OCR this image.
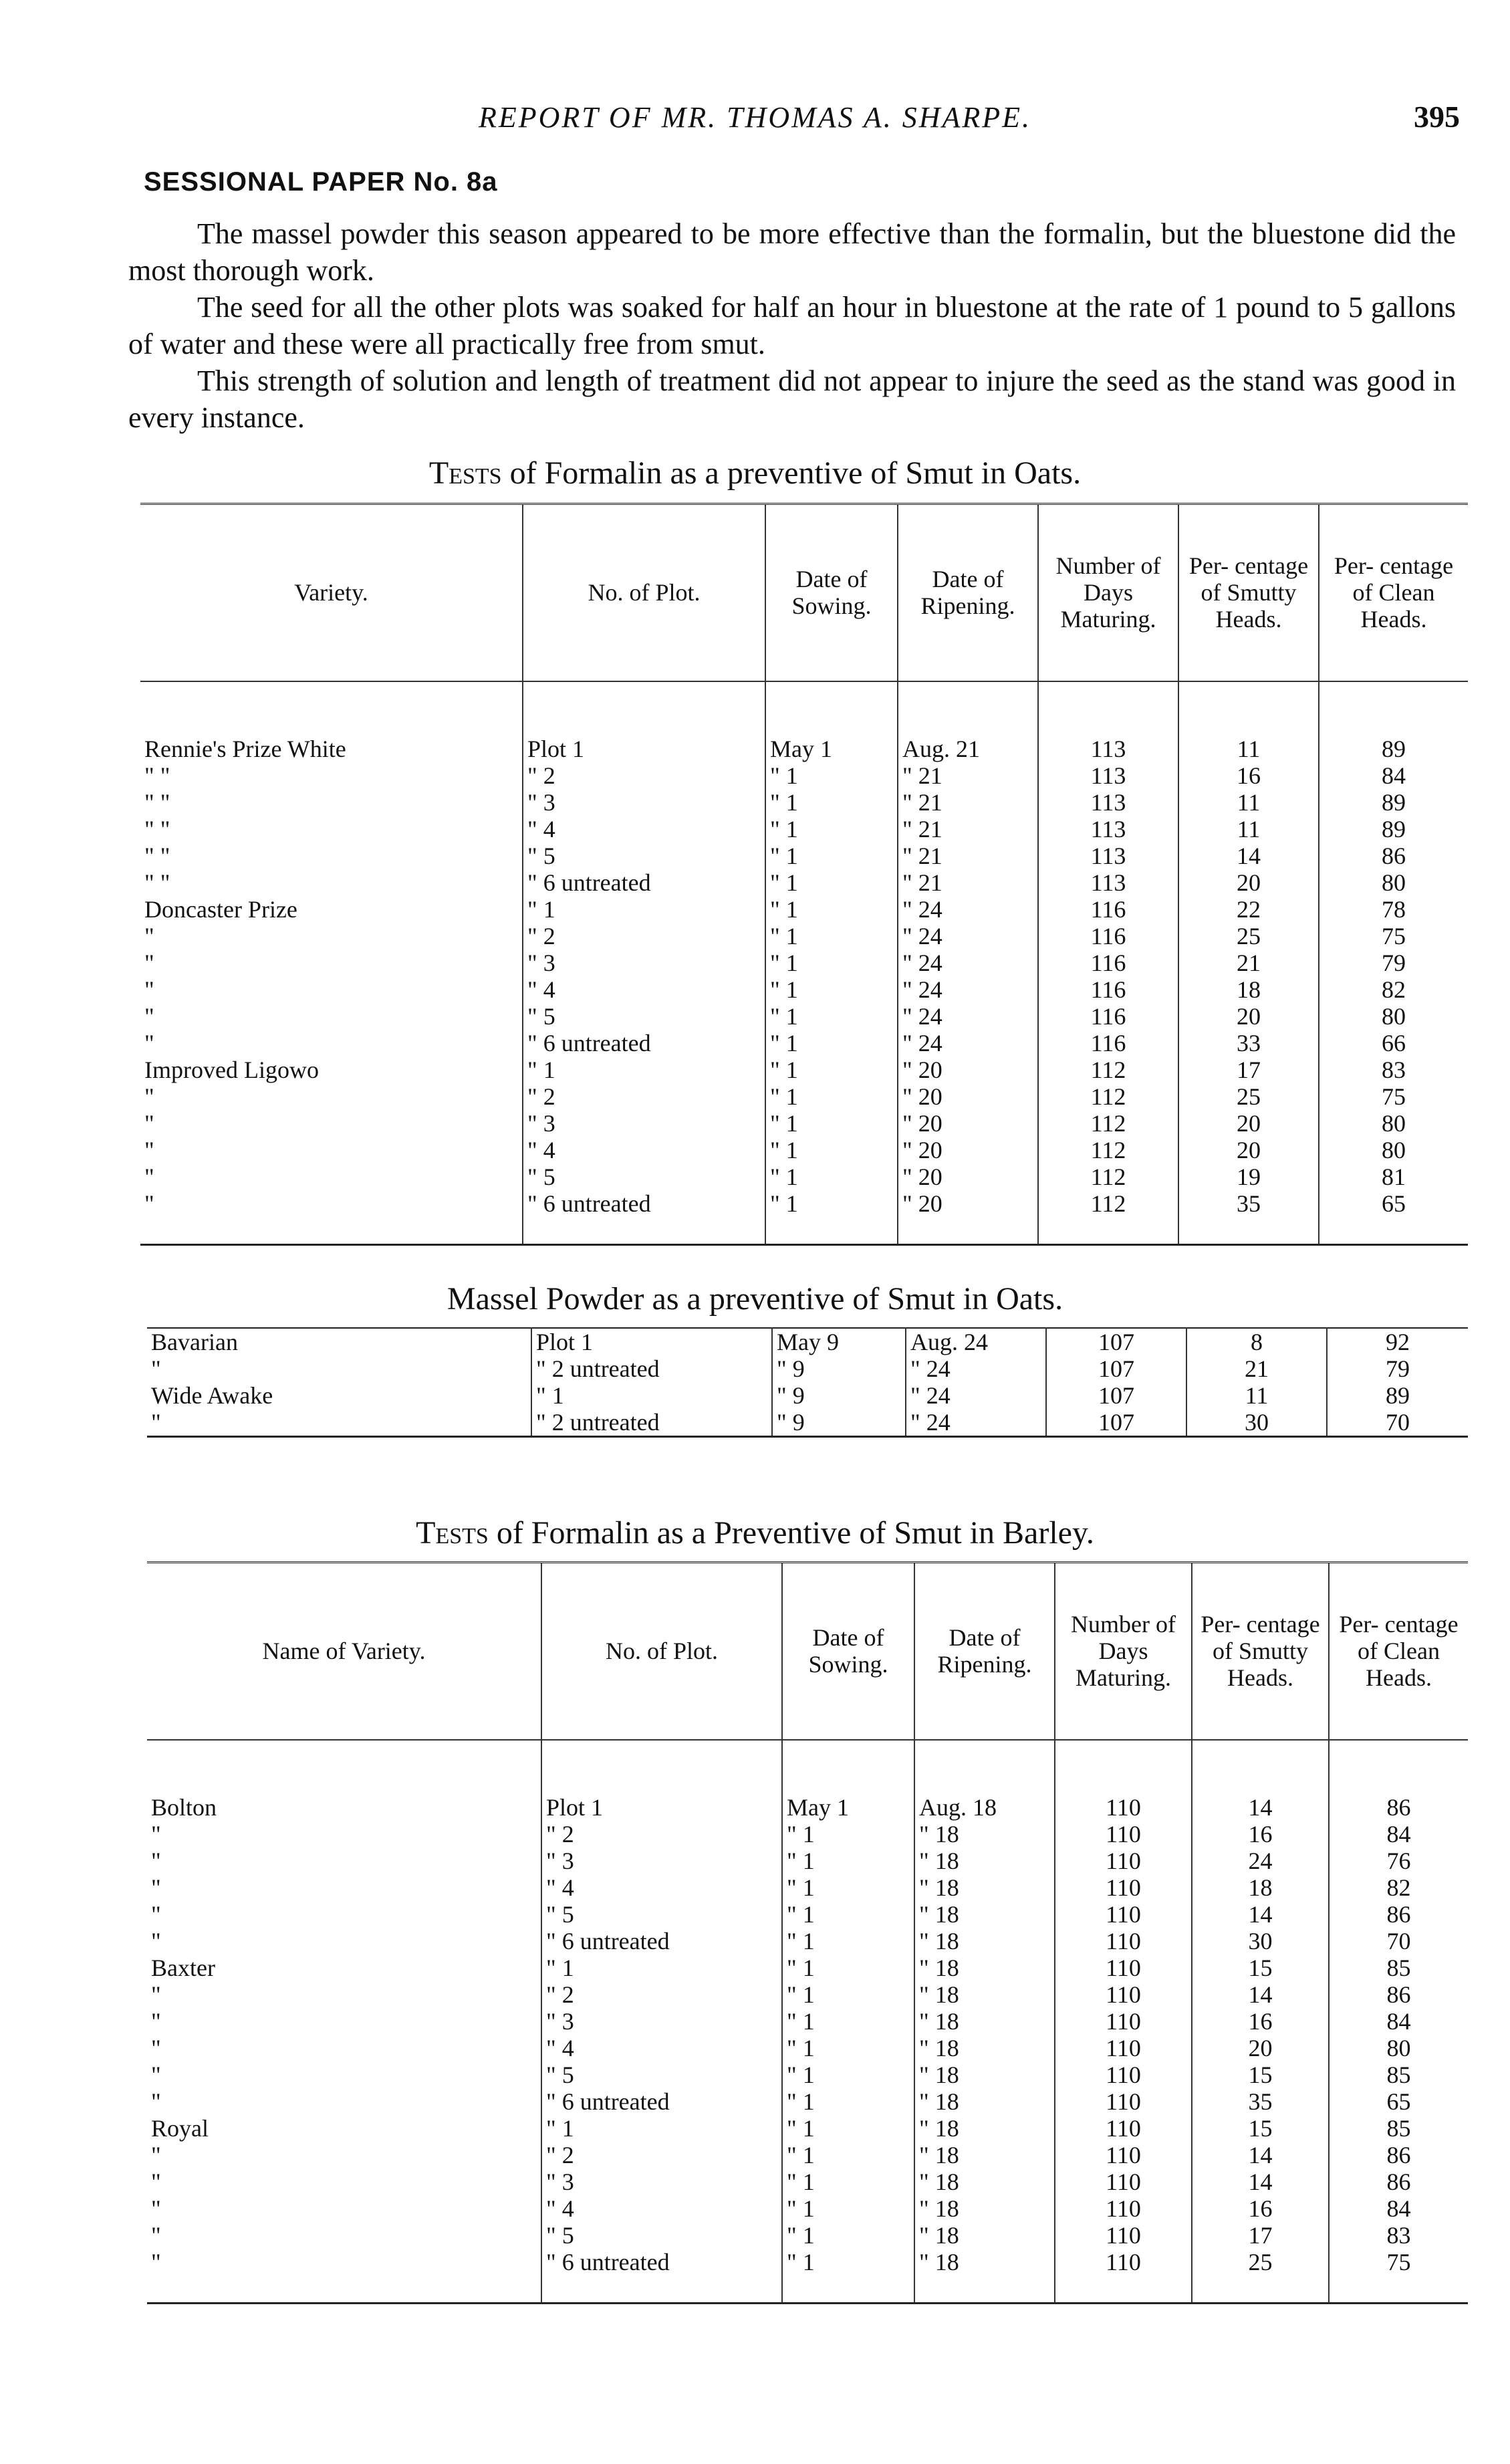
REPORT OF MR. THOMAS A. SHARPE.	395
SESSIONAL PAPER No. 8a
The massel powder this season appeared to be more effective than the formalin, but the bluestone did the most thorough work.
The seed for all the other plots was soaked for half an hour in bluestone at the rate of 1 pound to 5 gallons of water and these were all practically free from smut.
This strength of solution and length of treatment did not appear to injure the seed as the stand was good in every instance.
Tests of Formalin as a preventive of Smut in Oats.
Variety.	No. of Plot.	Date of Sowing.	Date of Ripening.	Number of Days Maturing.	Per- centage of Smutty Heads.	Per- centage of Clean Heads.

Rennie's Prize White	Plot 1	May 1	Aug. 21	113	11	89
" "	" 2	" 1	" 21	113	16	84
" "	" 3	" 1	" 21	113	11	89
" "	" 4	" 1	" 21	113	11	89
" "	" 5	" 1	" 21	113	14	86
" "	" 6 untreated	" 1	" 21	113	20	80
Doncaster Prize	" 1	" 1	" 24	116	22	78
"	" 2	" 1	" 24	116	25	75
"	" 3	" 1	" 24	116	21	79
"	" 4	" 1	" 24	116	18	82
"	" 5	" 1	" 24	116	20	80
"	" 6 untreated	" 1	" 24	116	33	66
Improved Ligowo	" 1	" 1	" 20	112	17	83
"	" 2	" 1	" 20	112	25	75
"	" 3	" 1	" 20	112	20	80
"	" 4	" 1	" 20	112	20	80
"	" 5	" 1	" 20	112	19	81
"	" 6 untreated	" 1	" 20	112	35	65

Massel Powder as a preventive of Smut in Oats.
Bavarian	Plot 1	May 9	Aug. 24	107	8	92
"	" 2 untreated	" 9	" 24	107	21	79
Wide Awake	" 1	" 9	" 24	107	11	89
"	" 2 untreated	" 9	" 24	107	30	70
Tests of Formalin as a Preventive of Smut in Barley.
Name of Variety.	No. of Plot.	Date of Sowing.	Date of Ripening.	Number of Days Maturing.	Per- centage of Smutty Heads.	Per- centage of Clean Heads.

Bolton	Plot 1	May 1	Aug. 18	110	14	86
"	" 2	" 1	" 18	110	16	84
"	" 3	" 1	" 18	110	24	76
"	" 4	" 1	" 18	110	18	82
"	" 5	" 1	" 18	110	14	86
"	" 6 untreated	" 1	" 18	110	30	70
Baxter	" 1	" 1	" 18	110	15	85
"	" 2	" 1	" 18	110	14	86
"	" 3	" 1	" 18	110	16	84
"	" 4	" 1	" 18	110	20	80
"	" 5	" 1	" 18	110	15	85
"	" 6 untreated	" 1	" 18	110	35	65
Royal	" 1	" 1	" 18	110	15	85
"	" 2	" 1	" 18	110	14	86
"	" 3	" 1	" 18	110	14	86
"	" 4	" 1	" 18	110	16	84
"	" 5	" 1	" 18	110	17	83
"	" 6 untreated	" 1	" 18	110	25	75
